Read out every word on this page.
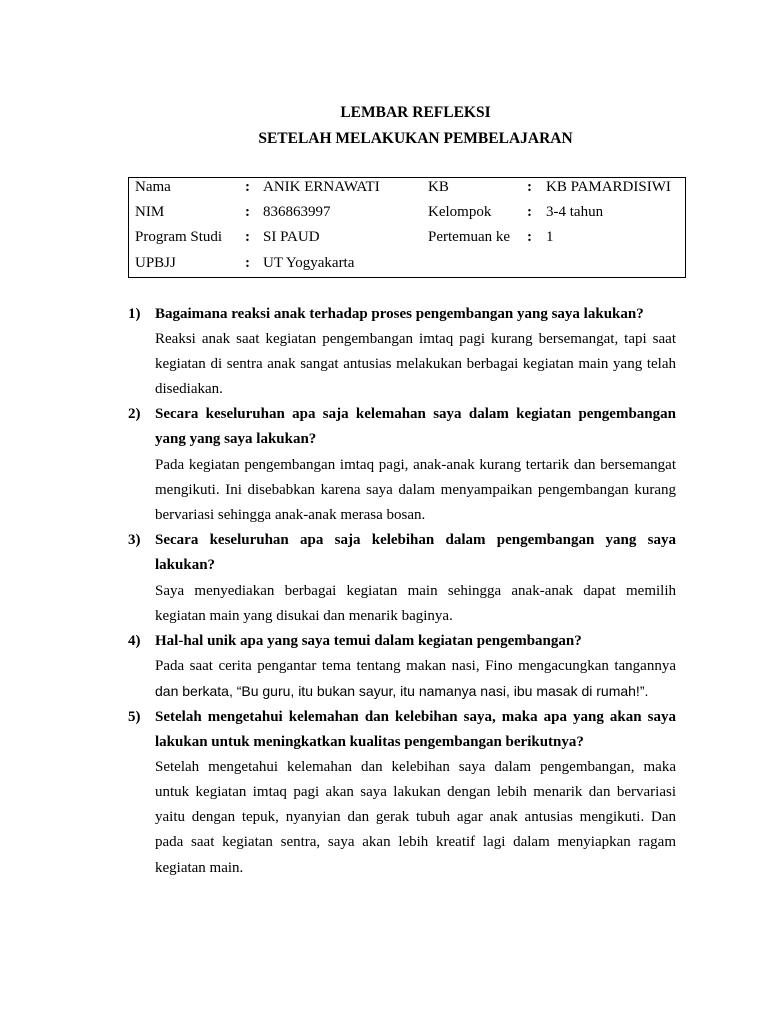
LEMBAR REFLEKSI
SETELAH MELAKUKAN PEMBELAJARAN
Nama	: ANIK ERNAWATI	KB	: KB PAMARDISIWI
NIM	: 836863997	Kelompok	: 3-4 tahun
Program Studi	: SI PAUD	Pertemuan ke	: 1
UPBJJ	: UT Yogyakarta
1) Bagaimana reaksi anak terhadap proses pengembangan yang saya lakukan?
Reaksi anak saat kegiatan pengembangan imtaq pagi kurang bersemangat, tapi saat
kegiatan di sentra anak sangat antusias melakukan berbagai kegiatan main yang telah
disediakan.
2) Secara keseluruhan apa saja kelemahan saya dalam kegiatan pengembangan
yang yang saya lakukan?
Pada kegiatan pengembangan imtaq pagi, anak-anak kurang tertarik dan bersemangat
mengikuti. Ini disebabkan karena saya dalam menyampaikan pengembangan kurang
bervariasi sehingga anak-anak merasa bosan.
3) Secara keseluruhan apa saja kelebihan dalam pengembangan yang saya
lakukan?
Saya menyediakan berbagai kegiatan main sehingga anak-anak dapat memilih
kegiatan main yang disukai dan menarik baginya.
4) Hal-hal unik apa yang saya temui dalam kegiatan pengembangan?
Pada saat cerita pengantar tema tentang makan nasi, Fino mengacungkan tangannya
dan berkata, “Bu guru, itu bukan sayur, itu namanya nasi, ibu masak di rumah!”.
5) Setelah mengetahui kelemahan dan kelebihan saya, maka apa yang akan saya
lakukan untuk meningkatkan kualitas pengembangan berikutnya?
Setelah mengetahui kelemahan dan kelebihan saya dalam pengembangan, maka
untuk kegiatan imtaq pagi akan saya lakukan dengan lebih menarik dan bervariasi
yaitu dengan tepuk, nyanyian dan gerak tubuh agar anak antusias mengikuti. Dan
pada saat kegiatan sentra, saya akan lebih kreatif lagi dalam menyiapkan ragam
kegiatan main.
